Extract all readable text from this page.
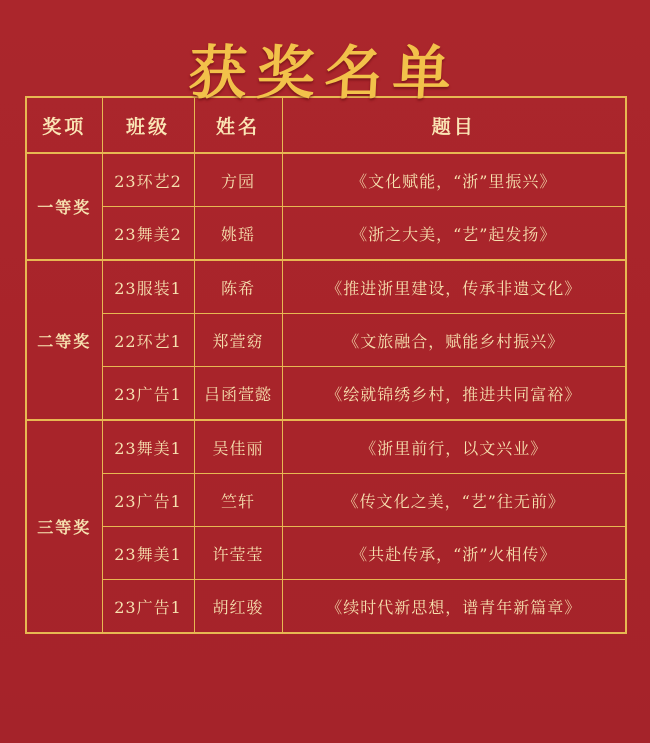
获奖名单
奖项	班级	姓名	题目
一等奖	23环艺2	方园	《文化赋能，“浙”里振兴》
	23舞美2	姚瑶	《浙之大美，“艺”起发扬》
二等奖	23服装1	陈希	《推进浙里建设，传承非遗文化》
	22环艺1	郑萱窈	《文旅融合，赋能乡村振兴》
	23广告1	吕函萱懿	《绘就锦绣乡村，推进共同富裕》
三等奖	23舞美1	吴佳丽	《浙里前行，以文兴业》
	23广告1	竺轩	《传文化之美，“艺”往无前》
	23舞美1	许莹莹	《共赴传承，“浙”火相传》
	23广告1	胡红骏	《续时代新思想，谱青年新篇章》
